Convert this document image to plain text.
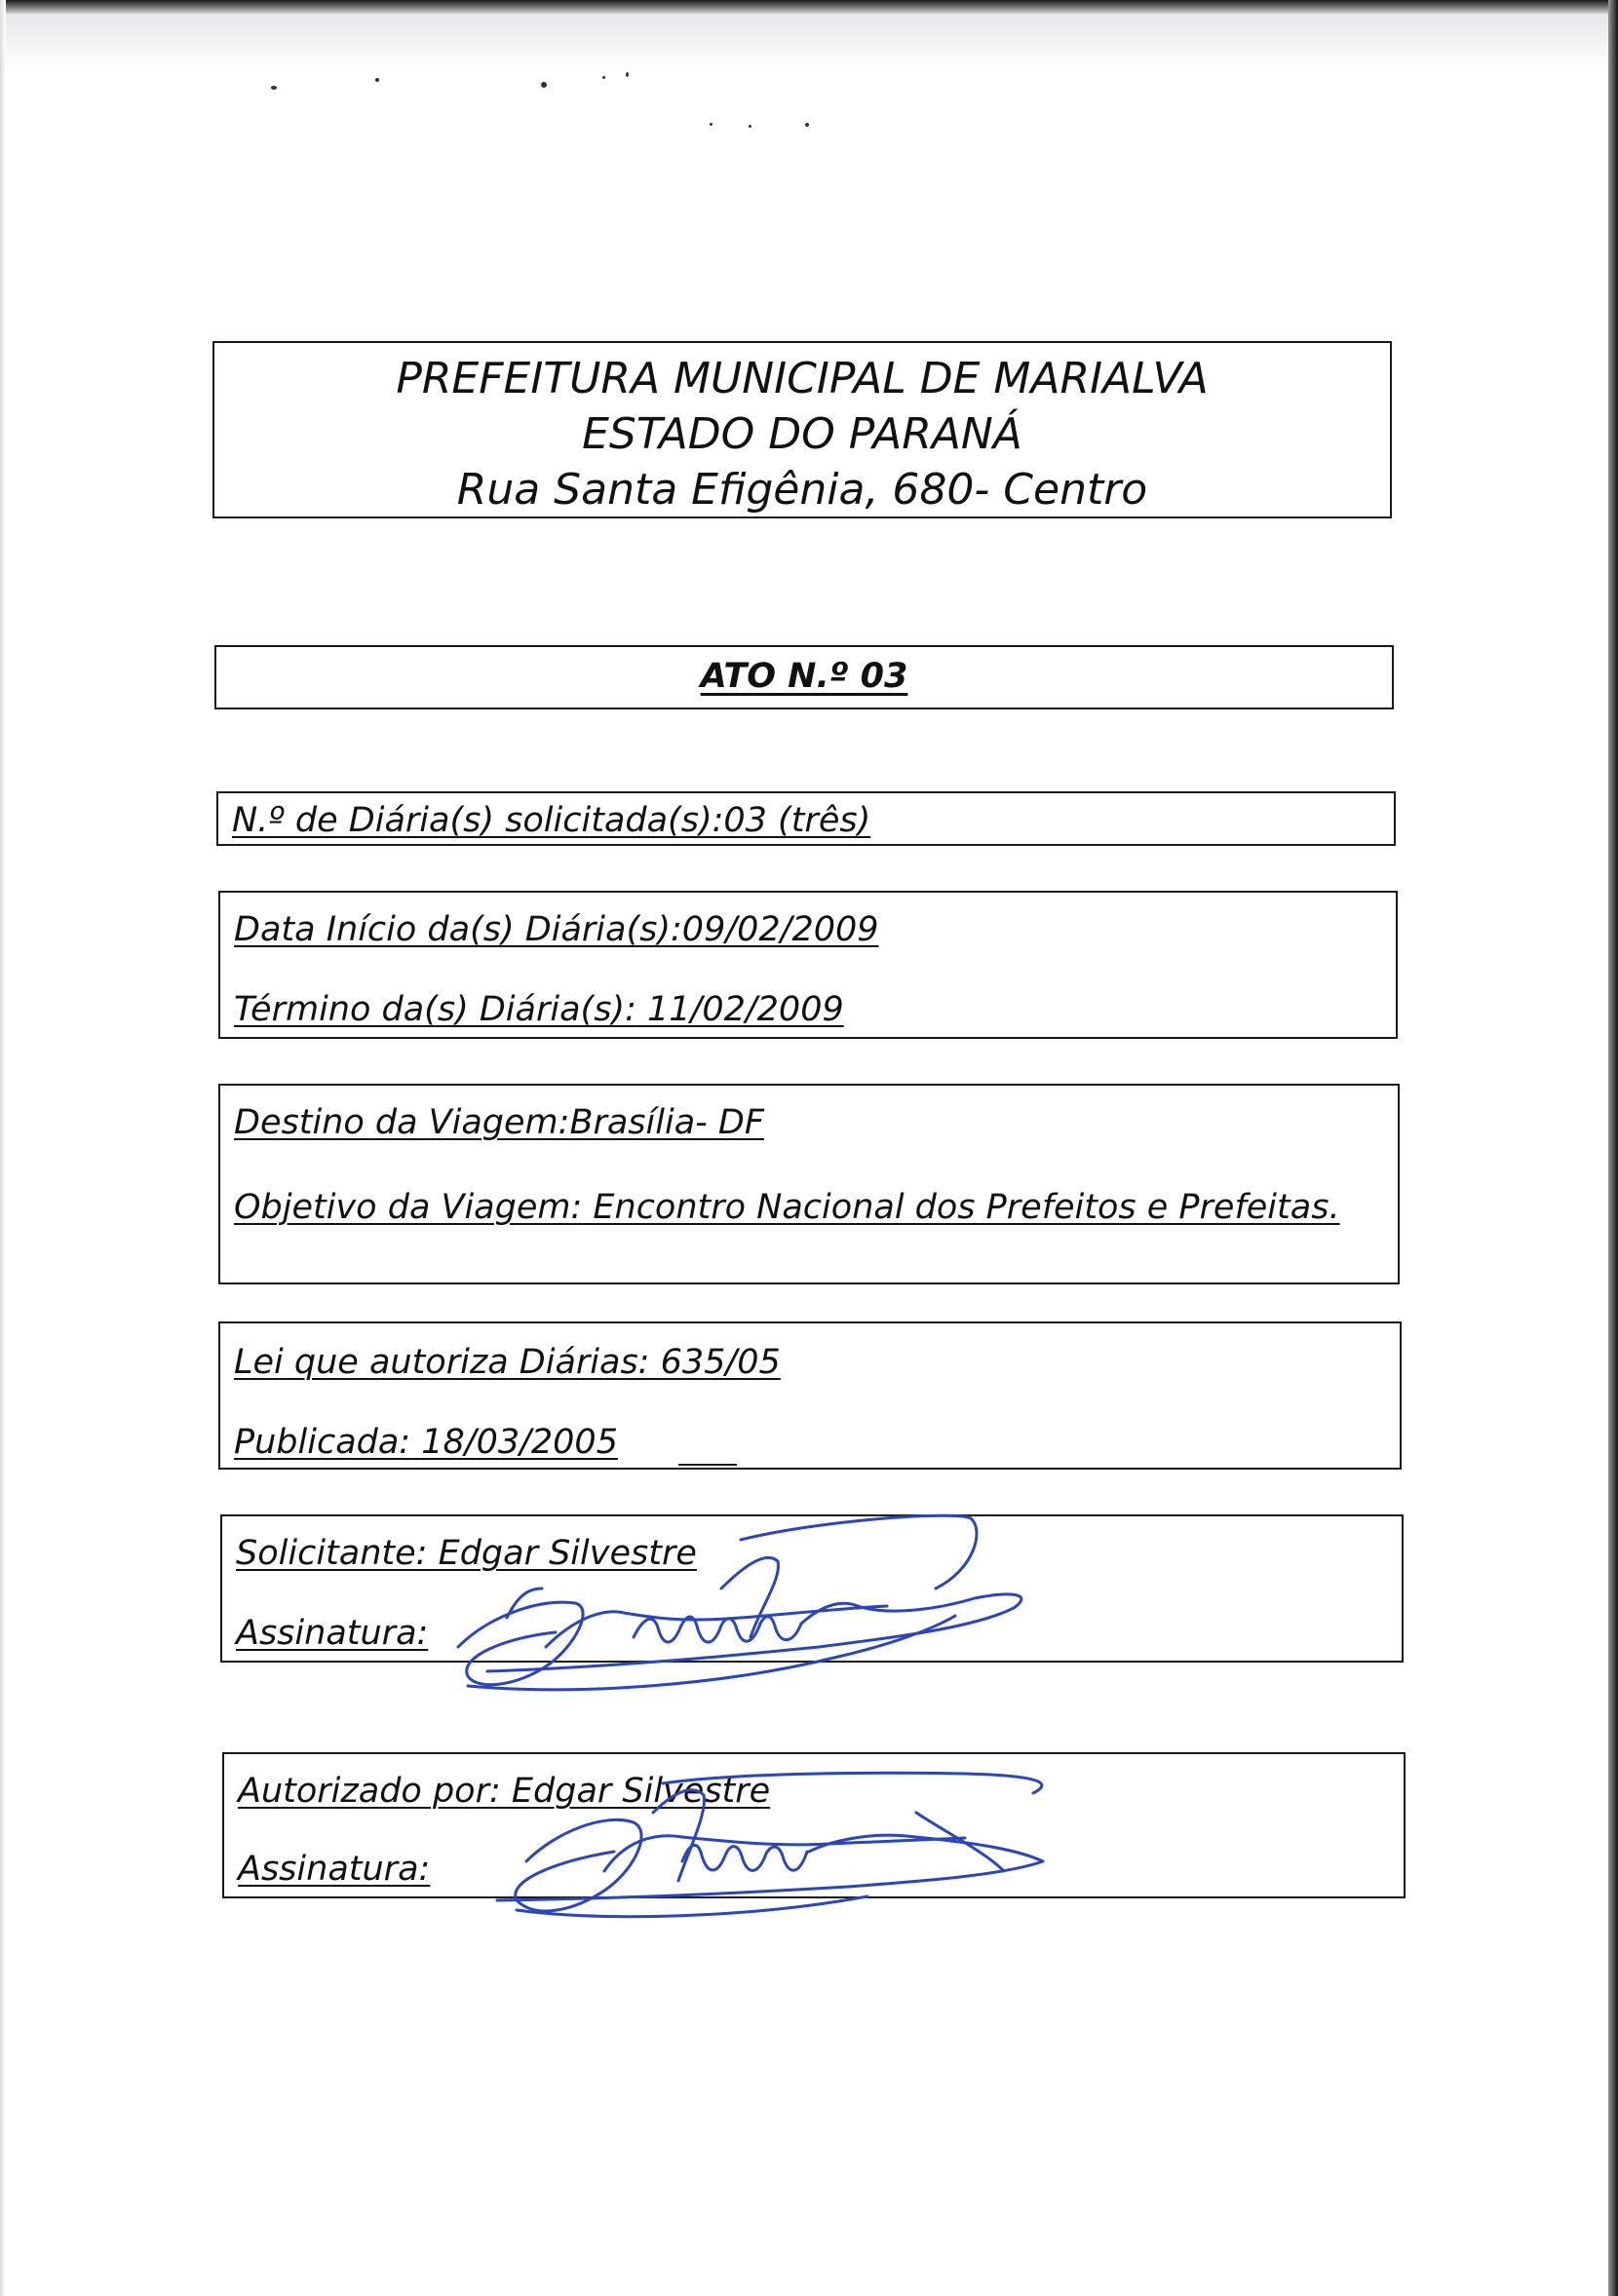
PREFEITURA MUNICIPAL DE MARIALVA
ESTADO DO PARANÁ
Rua Santa Efigênia, 680- Centro
ATO N.º 03
N.º de Diária(s) solicitada(s):03 (três)
Data Início da(s) Diária(s):09/02/2009
Término da(s) Diária(s): 11/02/2009
Destino da Viagem:Brasília- DF
Objetivo da Viagem: Encontro Nacional dos Prefeitos e Prefeitas.
Lei que autoriza Diárias: 635/05
Publicada: 18/03/2005
Solicitante: Edgar Silvestre
Assinatura:
Autorizado por: Edgar Silvestre
Assinatura:
